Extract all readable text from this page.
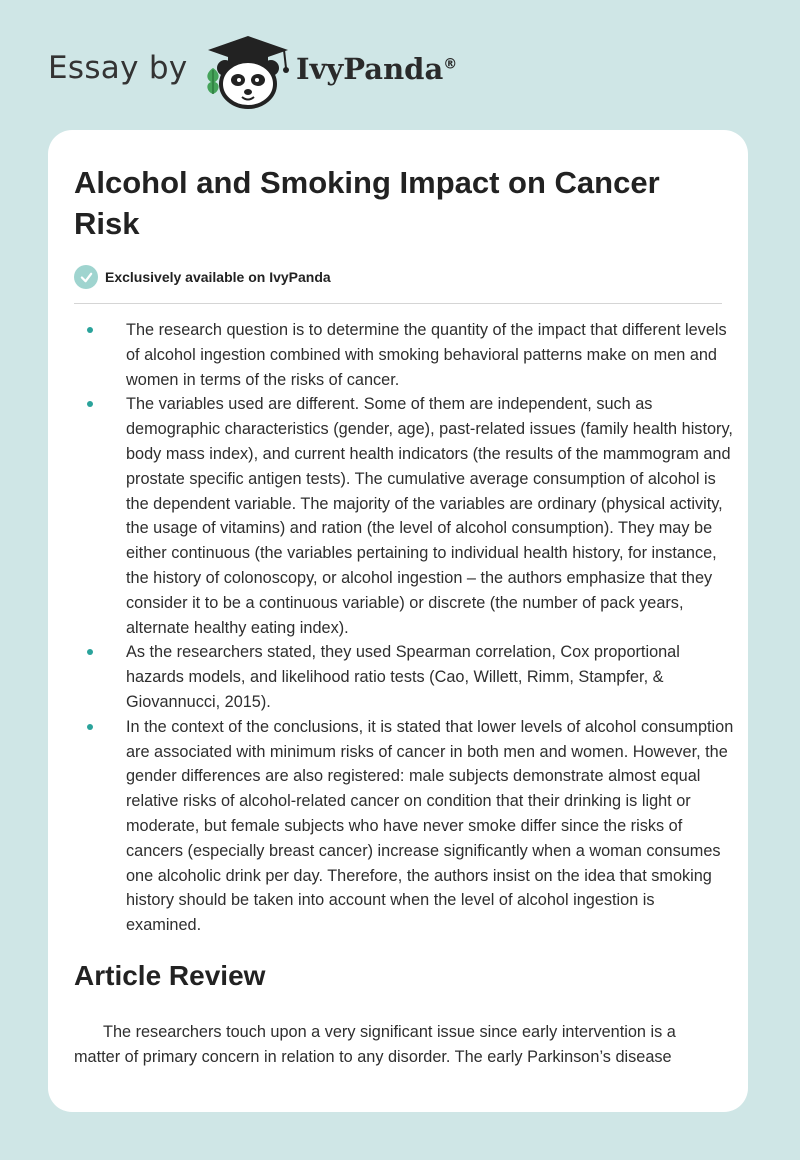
Essay by	IvyPanda®
Alcohol and Smoking Impact on Cancer Risk
Exclusively available on IvyPanda
The research question is to determine the quantity of the impact that different levels of alcohol ingestion combined with smoking behavioral patterns make on men and women in terms of the risks of cancer.
The variables used are different. Some of them are independent, such as demographic characteristics (gender, age), past-related issues (family health history, body mass index), and current health indicators (the results of the mammogram and prostate specific antigen tests). The cumulative average consumption of alcohol is the dependent variable. The majority of the variables are ordinary (physical activity, the usage of vitamins) and ration (the level of alcohol consumption). They may be either continuous (the variables pertaining to individual health history, for instance, the history of colonoscopy, or alcohol ingestion – the authors emphasize that they consider it to be a continuous variable) or discrete (the number of pack years, alternate healthy eating index).
As the researchers stated, they used Spearman correlation, Cox proportional hazards models, and likelihood ratio tests (Cao, Willett, Rimm, Stampfer, & Giovannucci, 2015).
In the context of the conclusions, it is stated that lower levels of alcohol consumption are associated with minimum risks of cancer in both men and women. However, the gender differences are also registered: male subjects demonstrate almost equal relative risks of alcohol-related cancer on condition that their drinking is light or moderate, but female subjects who have never smoke differ since the risks of cancers (especially breast cancer) increase significantly when a woman consumes one alcoholic drink per day. Therefore, the authors insist on the idea that smoking history should be taken into account when the level of alcohol ingestion is examined.
Article Review

The researchers touch upon a very significant issue since early intervention is a matter of primary concern in relation to any disorder. The early Parkinson’s disease
